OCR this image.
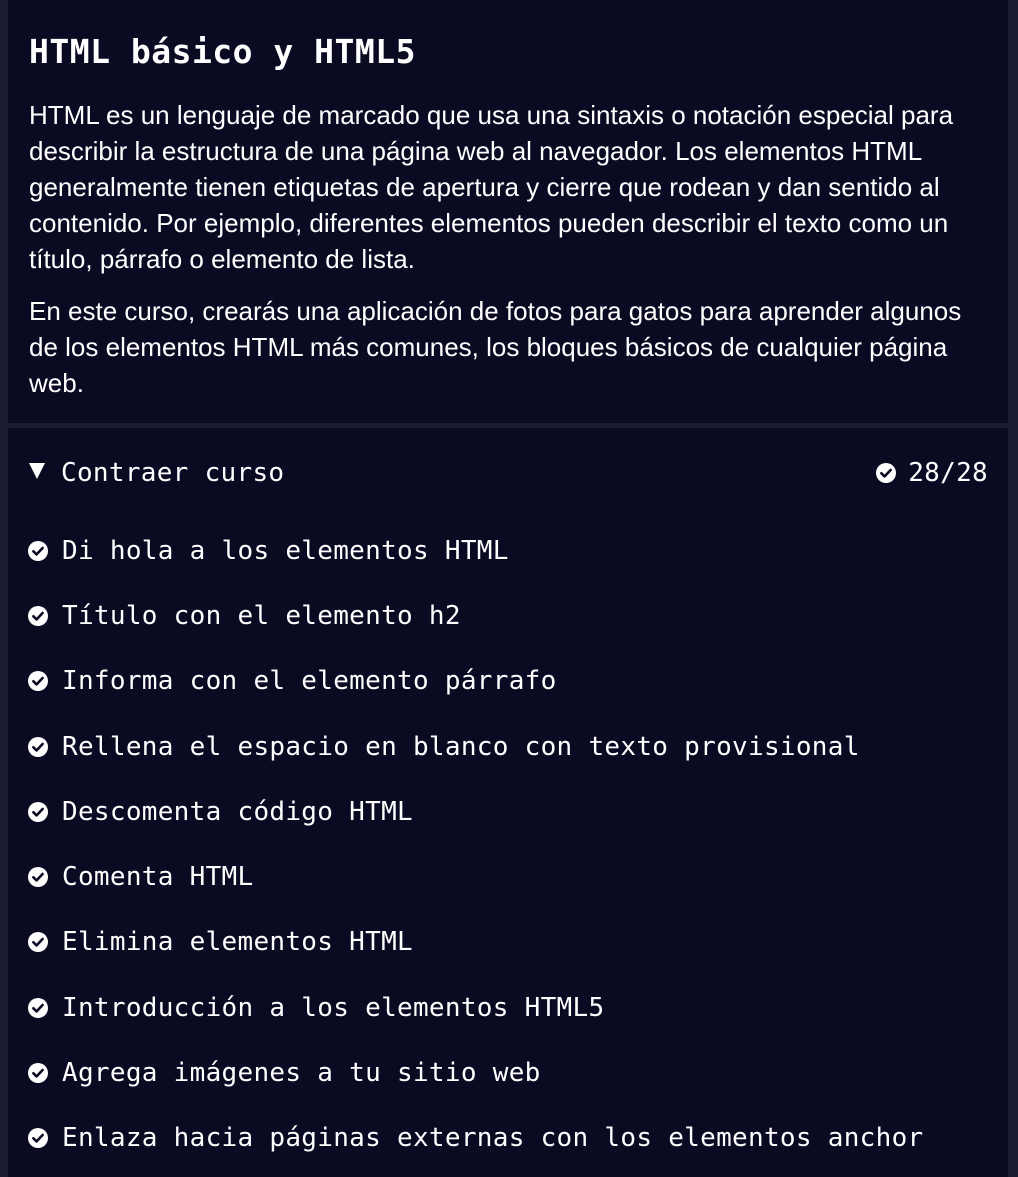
HTML básico y HTML5

HTML es un lenguaje de marcado que usa una sintaxis o notación especial para describir la estructura de una página web al navegador. Los elementos HTML generalmente tienen etiquetas de apertura y cierre que rodean y dan sentido al contenido. Por ejemplo, diferentes elementos pueden describir el texto como un título, párrafo o elemento de lista.

En este curso, crearás una aplicación de fotos para gatos para aprender algunos de los elementos HTML más comunes, los bloques básicos de cualquier página web.

Contraer curso	28/28
Di hola a los elementos HTML
Título con el elemento h2
Informa con el elemento párrafo
Rellena el espacio en blanco con texto provisional
Descomenta código HTML
Comenta HTML
Elimina elementos HTML
Introducción a los elementos HTML5
Agrega imágenes a tu sitio web
Enlaza hacia páginas externas con los elementos anchor
